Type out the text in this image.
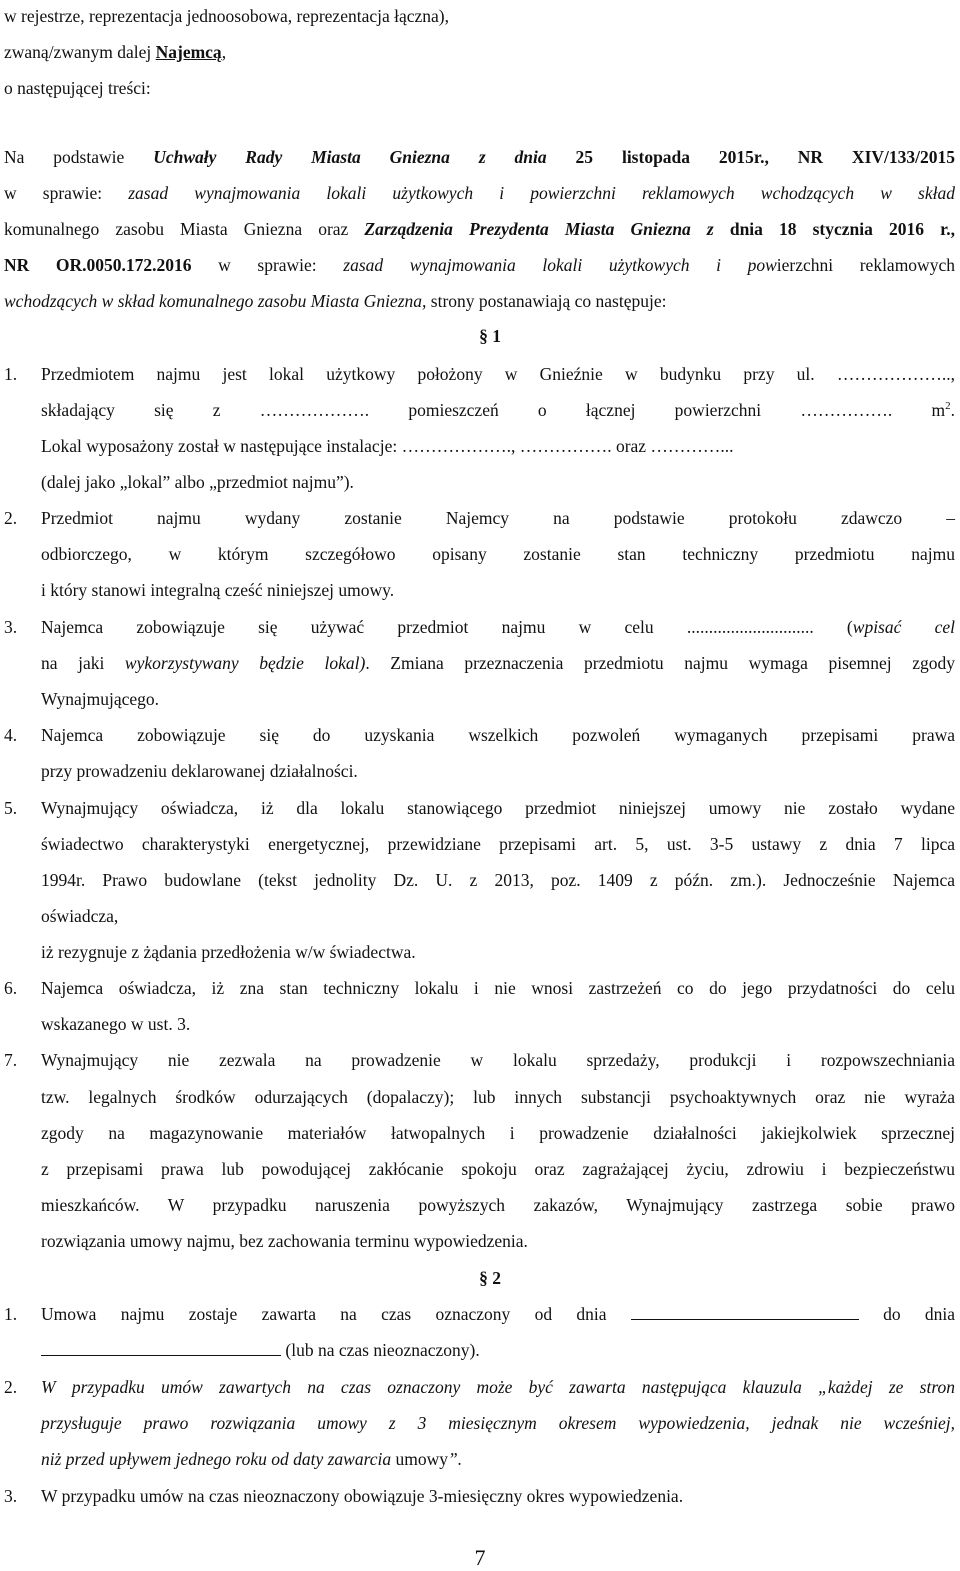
w rejestrze, reprezentacja jednoosobowa, reprezentacja łączna),
zwaną/zwanym dalej Najemcą,
o następującej treści:
Na podstawie Uchwały Rady Miasta Gniezna z dnia 25 listopada 2015r., NR XIV/133/2015
w sprawie: zasad wynajmowania lokali użytkowych i powierzchni reklamowych wchodzących w skład
komunalnego zasobu Miasta Gniezna oraz Zarządzenia Prezydenta Miasta Gniezna z dnia 18 stycznia 2016 r.,
NR OR.0050.172.2016 w sprawie: zasad wynajmowania lokali użytkowych i powierzchni reklamowych
wchodzących w skład komunalnego zasobu Miasta Gniezna, strony postanawiają co następuje:
§ 1
1. Przedmiotem najmu jest lokal użytkowy położony w Gnieźnie w budynku przy ul. ………………..,
składający się z ………………. pomieszczeń o łącznej powierzchni ……………. $m^2$.
Lokal wyposażony został w następujące instalacje: ………………., ……………. oraz …………...
(dalej jako „lokal” albo „przedmiot najmu”).
2. Przedmiot najmu wydany zostanie Najemcy na podstawie protokołu zdawczo –
odbiorczego, w którym szczegółowo opisany zostanie stan techniczny przedmiotu najmu
i który stanowi integralną cześć niniejszej umowy.
3. Najemca zobowiązuje się używać przedmiot najmu w celu ............................. (wpisać cel
na jaki wykorzystywany będzie lokal). Zmiana przeznaczenia przedmiotu najmu wymaga pisemnej zgody
Wynajmującego.
4. Najemca zobowiązuje się do uzyskania wszelkich pozwoleń wymaganych przepisami prawa
przy prowadzeniu deklarowanej działalności.
5. Wynajmujący oświadcza, iż dla lokalu stanowiącego przedmiot niniejszej umowy nie zostało wydane
świadectwo charakterystyki energetycznej, przewidziane przepisami art. 5, ust. 3-5 ustawy z dnia 7 lipca
1994r. Prawo budowlane (tekst jednolity Dz. U. z 2013, poz. 1409 z późn. zm.). Jednocześnie Najemca
oświadcza,
iż rezygnuje z żądania przedłożenia w/w świadectwa.
6. Najemca oświadcza, iż zna stan techniczny lokalu i nie wnosi zastrzeżeń co do jego przydatności do celu
wskazanego w ust. 3.
7. Wynajmujący nie zezwala na prowadzenie w lokalu sprzedaży, produkcji i rozpowszechniania
tzw. legalnych środków odurzających (dopalaczy); lub innych substancji psychoaktywnych oraz nie wyraża
zgody na magazynowanie materiałów łatwopalnych i prowadzenie działalności jakiejkolwiek sprzecznej
z przepisami prawa lub powodującej zakłócanie spokoju oraz zagrażającej życiu, zdrowiu i bezpieczeństwu
mieszkańców. W przypadku naruszenia powyższych zakazów, Wynajmujący zastrzega sobie prawo
rozwiązania umowy najmu, bez zachowania terminu wypowiedzenia.
§ 2
1. Umowa najmu zostaje zawarta na czas oznaczony od dnia	do dnia
(lub na czas nieoznaczony).
2. W przypadku umów zawartych na czas oznaczony może być zawarta następująca klauzula „każdej ze stron
przysługuje prawo rozwiązania umowy z 3 miesięcznym okresem wypowiedzenia, jednak nie wcześniej,
niż przed upływem jednego roku od daty zawarcia umowy”.
3. W przypadku umów na czas nieoznaczony obowiązuje 3-miesięczny okres wypowiedzenia.
7
